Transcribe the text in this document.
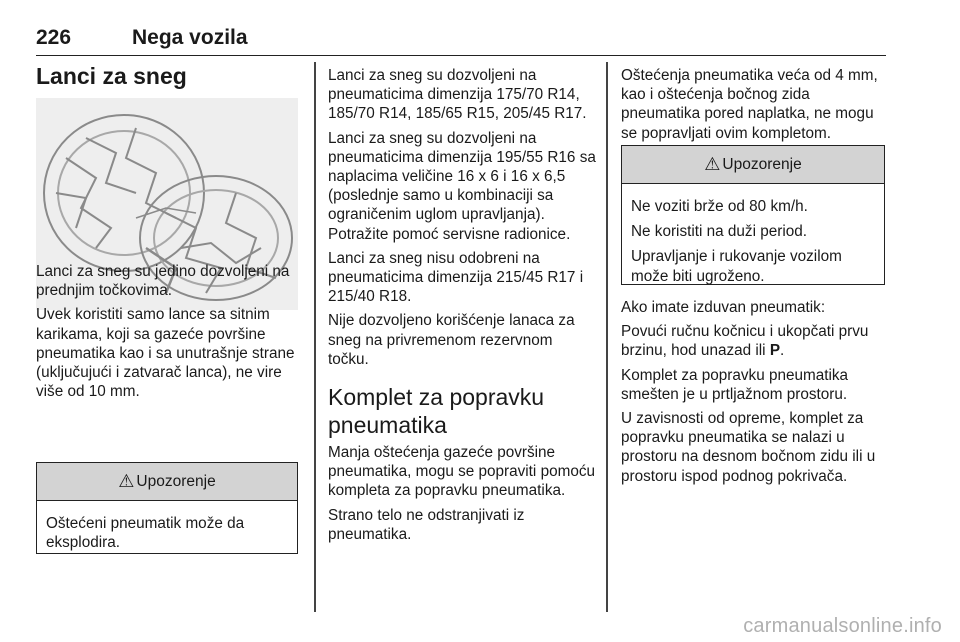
226	Nega vozila
Lanci za sneg
Lanci za sneg su jedino dozvoljeni na prednjim točkovima.
Uvek koristiti samo lance sa sitnim karikama, koji sa gazeće površine pneumatika kao i sa unutrašnje strane (uključujući i zatvarač lanca), ne vire više od 10 mm.
⚠ Upozorenje
Oštećeni pneumatik može da eksplodira.
Lanci za sneg su dozvoljeni na pneumaticima dimenzija 175/70 R14, 185/70 R14, 185/65 R15, 205/45 R17.
Lanci za sneg su dozvoljeni na pneumaticima dimenzija 195/55 R16 sa naplacima veličine 16 x 6 i 16 x 6,5 (poslednje samo u kombinaciji sa ograničenim uglom upravljanja). Potražite pomoć servisne radionice.
Lanci za sneg nisu odobreni na pneumaticima dimenzija 215/45 R17 i 215/40 R18.
Nije dozvoljeno korišćenje lanaca za sneg na privremenom rezervnom točku.
Komplet za popravku pneumatika
Manja oštećenja gazeće površine pneumatika, mogu se popraviti pomoću kompleta za popravku pneumatika.
Strano telo ne odstranjivati iz pneumatika.
Oštećenja pneumatika veća od 4 mm, kao i oštećenja bočnog zida pneumatika pored naplatka, ne mogu se popravljati ovim kompletom.
⚠ Upozorenje
Ne voziti brže od 80 km/h.
Ne koristiti na duži period.
Upravljanje i rukovanje vozilom može biti ugroženo.
Ako imate izduvan pneumatik:
Povući ručnu kočnicu i ukopčati prvu brzinu, hod unazad ili P.
Komplet za popravku pneumatika smešten je u prtljažnom prostoru.
U zavisnosti od opreme, komplet za popravku pneumatika se nalazi u prostoru na desnom bočnom zidu ili u prostoru ispod podnog pokrivača.
carmanualsonline.info
